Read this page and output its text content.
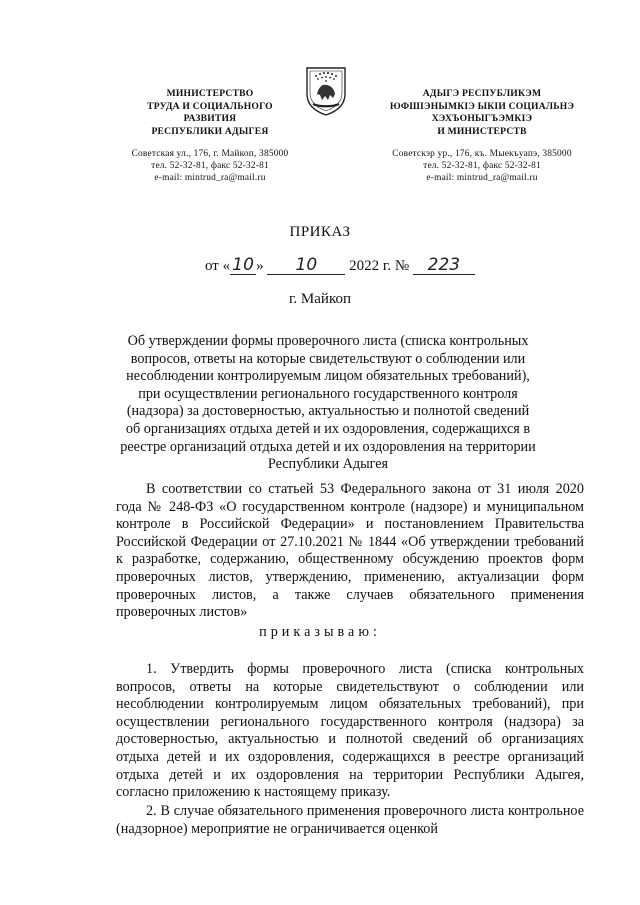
МИНИСТЕРСТВО
ТРУДА И СОЦИАЛЬНОГО
РАЗВИТИЯ
РЕСПУБЛИКИ АДЫГЕЯ
Советская ул., 176, г. Майкоп, 385000
тел. 52-32-81, факс 52-32-81
e-mail: mintrud_ra@mail.ru
АДЫГЭ РЕСПУБЛИКЭМ
ЮФШІЭНЫМКІЭ ЫКІИ СОЦИАЛЬНЭ
ХЭХЪОНЫГЪЭМКІЭ
И МИНИСТЕРСТВ
Советскэр ур., 176, къ. Мыекъуапэ, 385000
тел. 52-32-81, факс 52-32-81
e-mail: mintrud_ra@mail.ru
ПРИКАЗ
от « 10 » 10 2022 г. № 223
г. Майкоп
Об утверждении формы проверочного листа (списка контрольных вопросов, ответы на которые свидетельствуют о соблюдении или несоблюдении контролируемым лицом обязательных требований), при осуществлении регионального государственного контроля (надзора) за достоверностью, актуальностью и полнотой сведений об организациях отдыха детей и их оздоровления, содержащихся в реестре организаций отдыха детей и их оздоровления на территории Республики Адыгея
В соответствии со статьей 53 Федерального закона от 31 июля 2020 года № 248-ФЗ «О государственном контроле (надзоре) и муниципальном контроле в Российской Федерации» и постановлением Правительства Российской Федерации от 27.10.2021 № 1844 «Об утверждении требований к разработке, содержанию, общественному обсуждению проектов форм проверочных листов, утверждению, применению, актуализации форм проверочных листов, а также случаев обязательного применения проверочных листов»
приказываю:
1. Утвердить формы проверочного листа (списка контрольных вопросов, ответы на которые свидетельствуют о соблюдении или несоблюдении контролируемым лицом обязательных требований), при осуществлении регионального государственного контроля (надзора) за достоверностью, актуальностью и полнотой сведений об организациях отдыха детей и их оздоровления, содержащихся в реестре организаций отдыха детей и их оздоровления на территории Республики Адыгея, согласно приложению к настоящему приказу.
2. В случае обязательного применения проверочного листа контрольное (надзорное) мероприятие не ограничивается оценкой
